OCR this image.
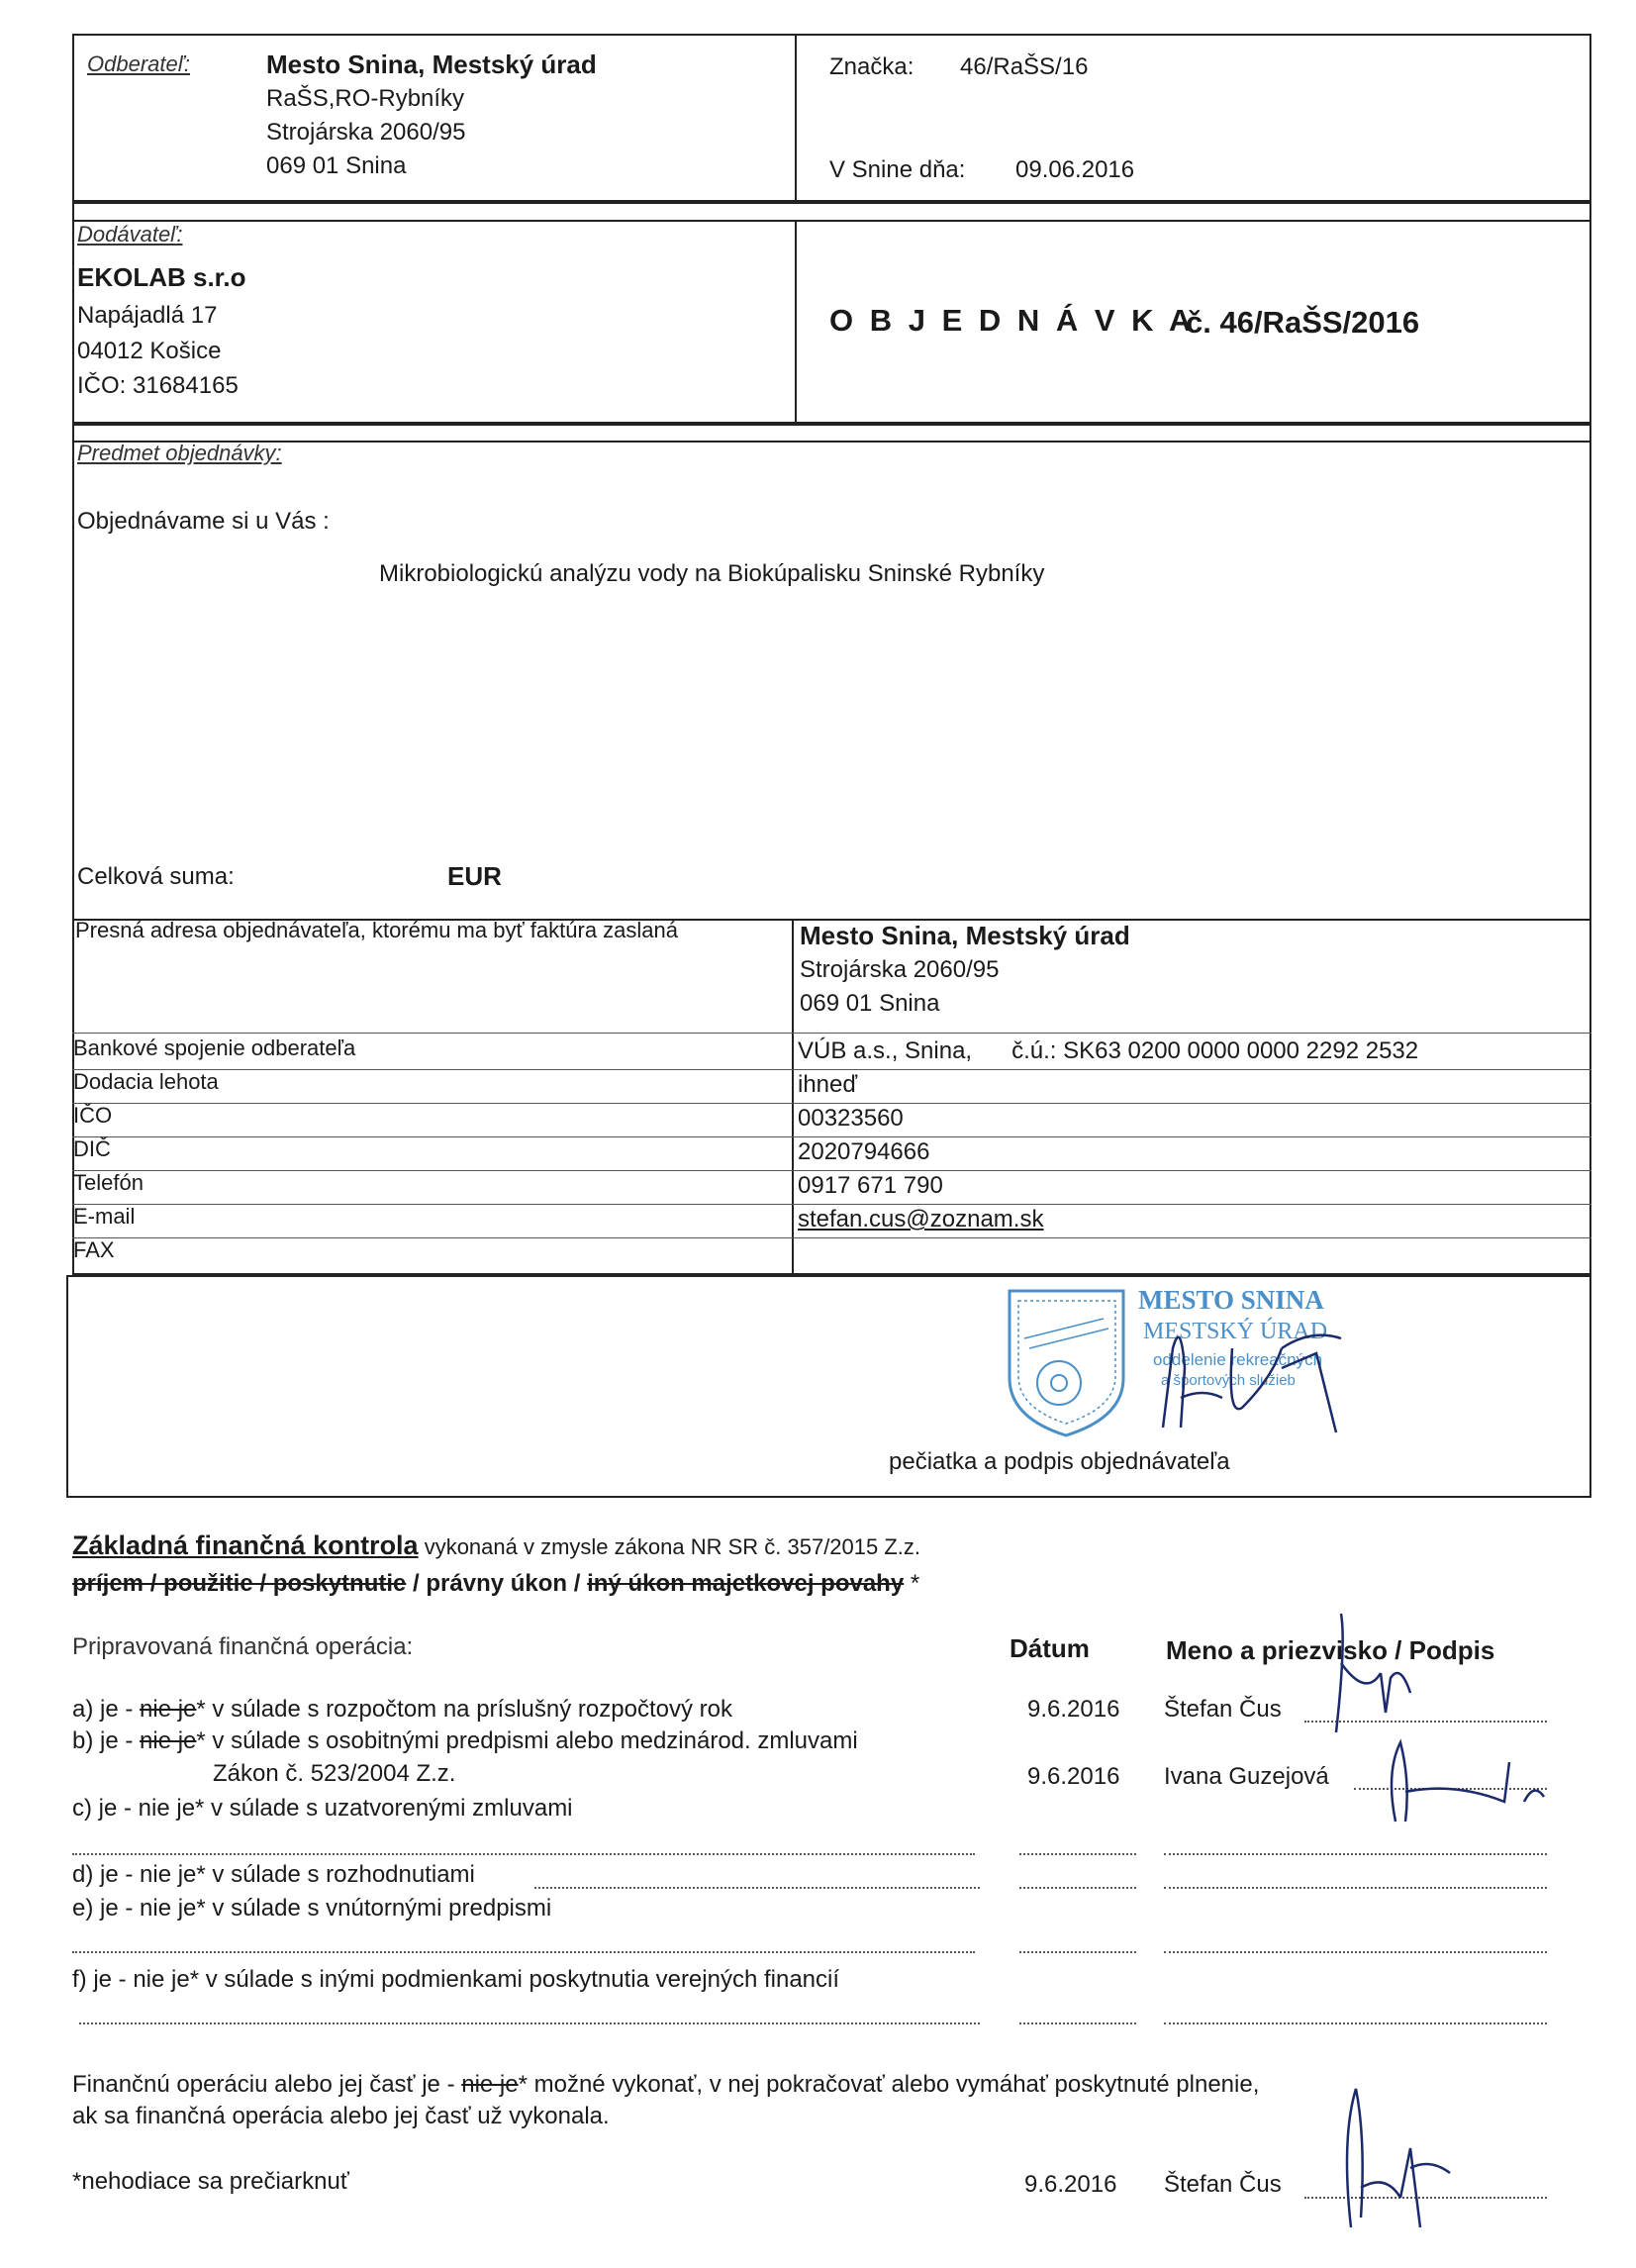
Odberateľ:	Mesto Snina, Mestský úrad
RaŠS,RO-Rybníky
Strojárska 2060/95
069 01 Snina
Značka: 46/RaŠS/16
V Snine dňa: 09.06.2016
Dodávateľ:
EKOLAB s.r.o
Napájadlá 17
04012 Košice
IČO: 31684165
O B J E D N Á V K A
č. 46/RaŠS/2016
Predmet objednávky:
Objednávame si u Vás :
Mikrobiologickú analýzu vody na Biokúpalisku Sninské Rybníky
Celková suma:	EUR
Presná adresa objednávateľa, ktorému ma byť faktúra zaslaná	Mesto Snina, Mestský úrad
Strojárska 2060/95
069 01 Snina
Bankové spojenie odberateľa	VÚB a.s., Snina,      č.ú.: SK63 0200 0000 0000 2292 2532
Dodacia lehota	ihneď
IČO	00323560
DIČ	2020794666
Telefón	0917 671 790
E-mail	stefan.cus@zoznam.sk
FAX
MESTO SNINA
MESTSKÝ ÚRAD
oddelenie rekreačných
a športových služieb
pečiatka a podpis objednávateľa
Základná finančná kontrola vykonaná v zmysle zákona NR SR č. 357/2015 Z.z.
príjem / použitie / poskytnutie / právny úkon / iný úkon majetkovej povahy *
Pripravovaná finančná operácia:	Dátum	Meno a priezvisko / Podpis
a) je - nie je* v súlade s rozpočtom na príslušný rozpočtový rok	9.6.2016 Štefan Čus
b) je - nie je* v súlade s osobitnými predpismi alebo medzinárod. zmluvami
Zákon č. 523/2004 Z.z.	9.6.2016 Ivana Guzejová
c) je - nie je* v súlade s uzatvorenými zmluvami
d) je - nie je* v súlade s rozhodnutiami
e) je - nie je* v súlade s vnútornými predpismi
f) je - nie je* v súlade s inými podmienkami poskytnutia verejných financií
Finančnú operáciu alebo jej časť je - nie je* možné vykonať, v nej pokračovať alebo vymáhať poskytnuté plnenie,
ak sa finančná operácia alebo jej časť už vykonala.
*nehodiace sa prečiarknuť	9.6.2016 Štefan Čus
